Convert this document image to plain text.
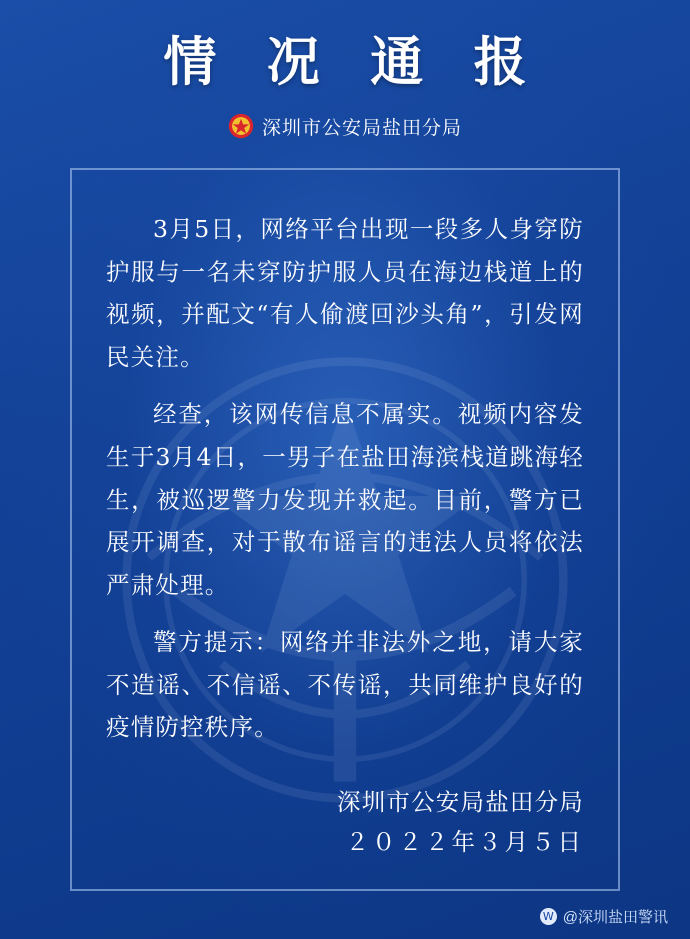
情 况 通 报
深圳市公安局盐田分局

3月5日，网络平台出现一段多人身穿防护服与一名未穿防护服人员在海边栈道上的视频，并配文“有人偷渡回沙头角”，引发网民关注。

经查，该网传信息不属实。视频内容发生于3月4日，一男子在盐田海滨栈道跳海轻生，被巡逻警力发现并救起。目前，警方已展开调查，对于散布谣言的违法人员将依法严肃处理。

警方提示：网络并非法外之地，请大家不造谣、不信谣、不传谣，共同维护良好的疫情防控秩序。

深圳市公安局盐田分局
２０２２年３月５日
W @深圳盐田警讯
